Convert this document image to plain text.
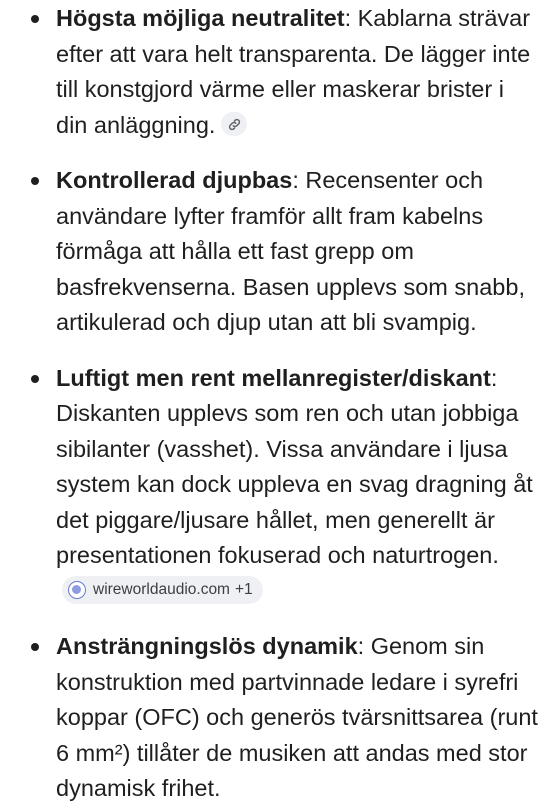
Högsta möjliga neutralitet: Kablarna strävar efter att vara helt transparenta. De lägger inte till konstgjord värme eller maskerar brister i din anläggning.
Kontrollerad djupbas: Recensenter och användare lyfter framför allt fram kabelns förmåga att hålla ett fast grepp om basfrekvenserna. Basen upplevs som snabb, artikulerad och djup utan att bli svampig.
Luftigt men rent mellanregister/diskant: Diskanten upplevs som ren och utan jobbiga sibilanter (vasshet). Vissa användare i ljusa system kan dock uppleva en svag dragning åt det piggare/ljusare hållet, men generellt är presentationen fokuserad och naturtrogen.
wireworldaudio.com +1
Ansträngningslös dynamik: Genom sin konstruktion med partvinnade ledare i syrefri koppar (OFC) och generös tvärsnittsarea (runt 6 mm²) tillåter de musiken att andas med stor dynamisk frihet.
